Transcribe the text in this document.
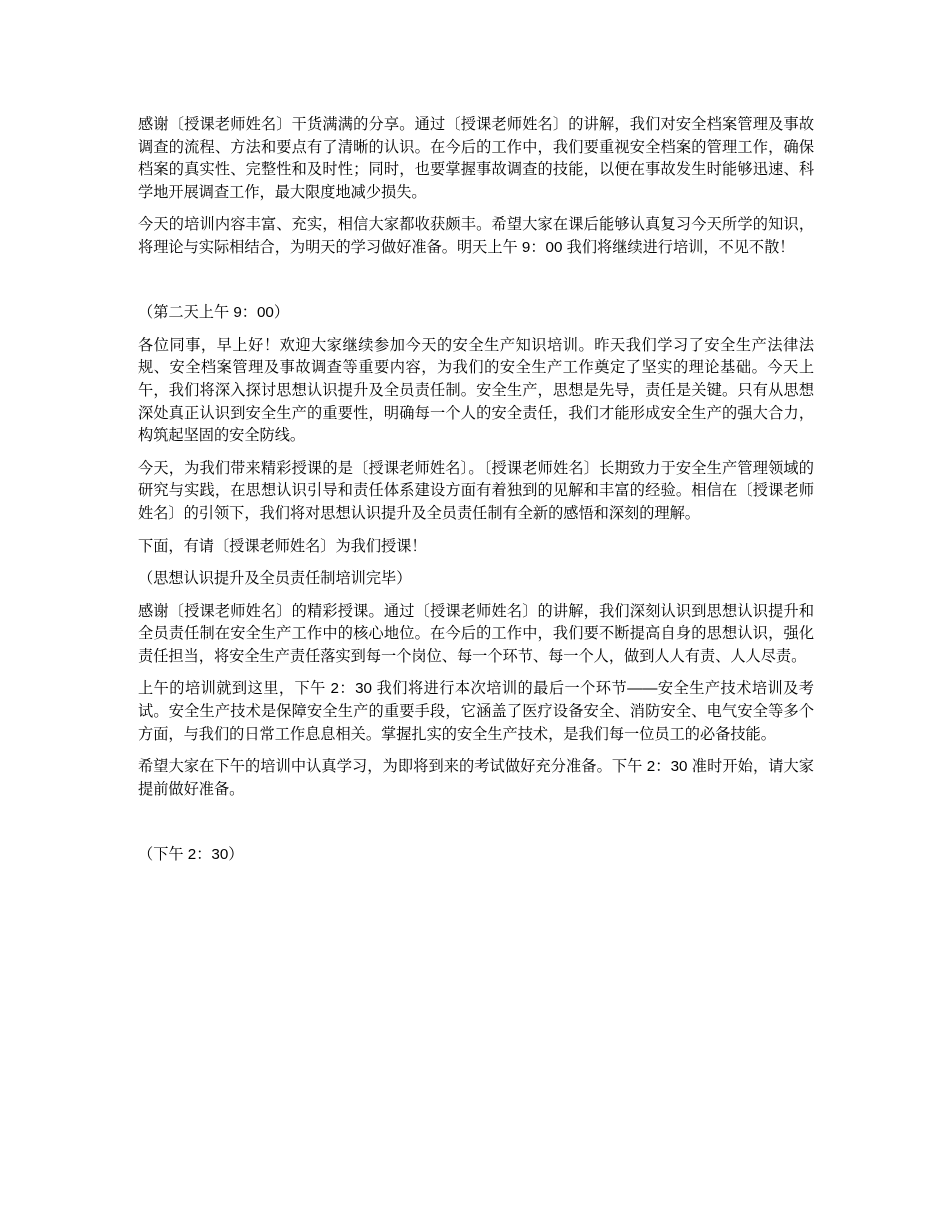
感谢〔授课老师姓名〕干货满满的分享。通过〔授课老师姓名〕的讲解，我们对安全档案管理及事故调查的流程、方法和要点有了清晰的认识。在今后的工作中，我们要重视安全档案的管理工作，确保档案的真实性、完整性和及时性；同时，也要掌握事故调查的技能，以便在事故发生时能够迅速、科学地开展调查工作，最大限度地减少损失。

今天的培训内容丰富、充实，相信大家都收获颇丰。希望大家在课后能够认真复习今天所学的知识，将理论与实际相结合，为明天的学习做好准备。明天上午 9：00 我们将继续进行培训，不见不散！

（第二天上午 9：00）

各位同事，早上好！欢迎大家继续参加今天的安全生产知识培训。昨天我们学习了安全生产法律法规、安全档案管理及事故调查等重要内容，为我们的安全生产工作奠定了坚实的理论基础。今天上午，我们将深入探讨思想认识提升及全员责任制。安全生产，思想是先导，责任是关键。只有从思想深处真正认识到安全生产的重要性，明确每一个人的安全责任，我们才能形成安全生产的强大合力，构筑起坚固的安全防线。

今天，为我们带来精彩授课的是〔授课老师姓名〕。〔授课老师姓名〕长期致力于安全生产管理领域的研究与实践，在思想认识引导和责任体系建设方面有着独到的见解和丰富的经验。相信在〔授课老师姓名〕的引领下，我们将对思想认识提升及全员责任制有全新的感悟和深刻的理解。

下面，有请〔授课老师姓名〕为我们授课！

（思想认识提升及全员责任制培训完毕）

感谢〔授课老师姓名〕的精彩授课。通过〔授课老师姓名〕的讲解，我们深刻认识到思想认识提升和全员责任制在安全生产工作中的核心地位。在今后的工作中，我们要不断提高自身的思想认识，强化责任担当，将安全生产责任落实到每一个岗位、每一个环节、每一个人，做到人人有责、人人尽责。

上午的培训就到这里，下午 2：30 我们将进行本次培训的最后一个环节——安全生产技术培训及考试。安全生产技术是保障安全生产的重要手段，它涵盖了医疗设备安全、消防安全、电气安全等多个方面，与我们的日常工作息息相关。掌握扎实的安全生产技术，是我们每一位员工的必备技能。

希望大家在下午的培训中认真学习，为即将到来的考试做好充分准备。下午 2：30 准时开始，请大家提前做好准备。

（下午 2：30）
